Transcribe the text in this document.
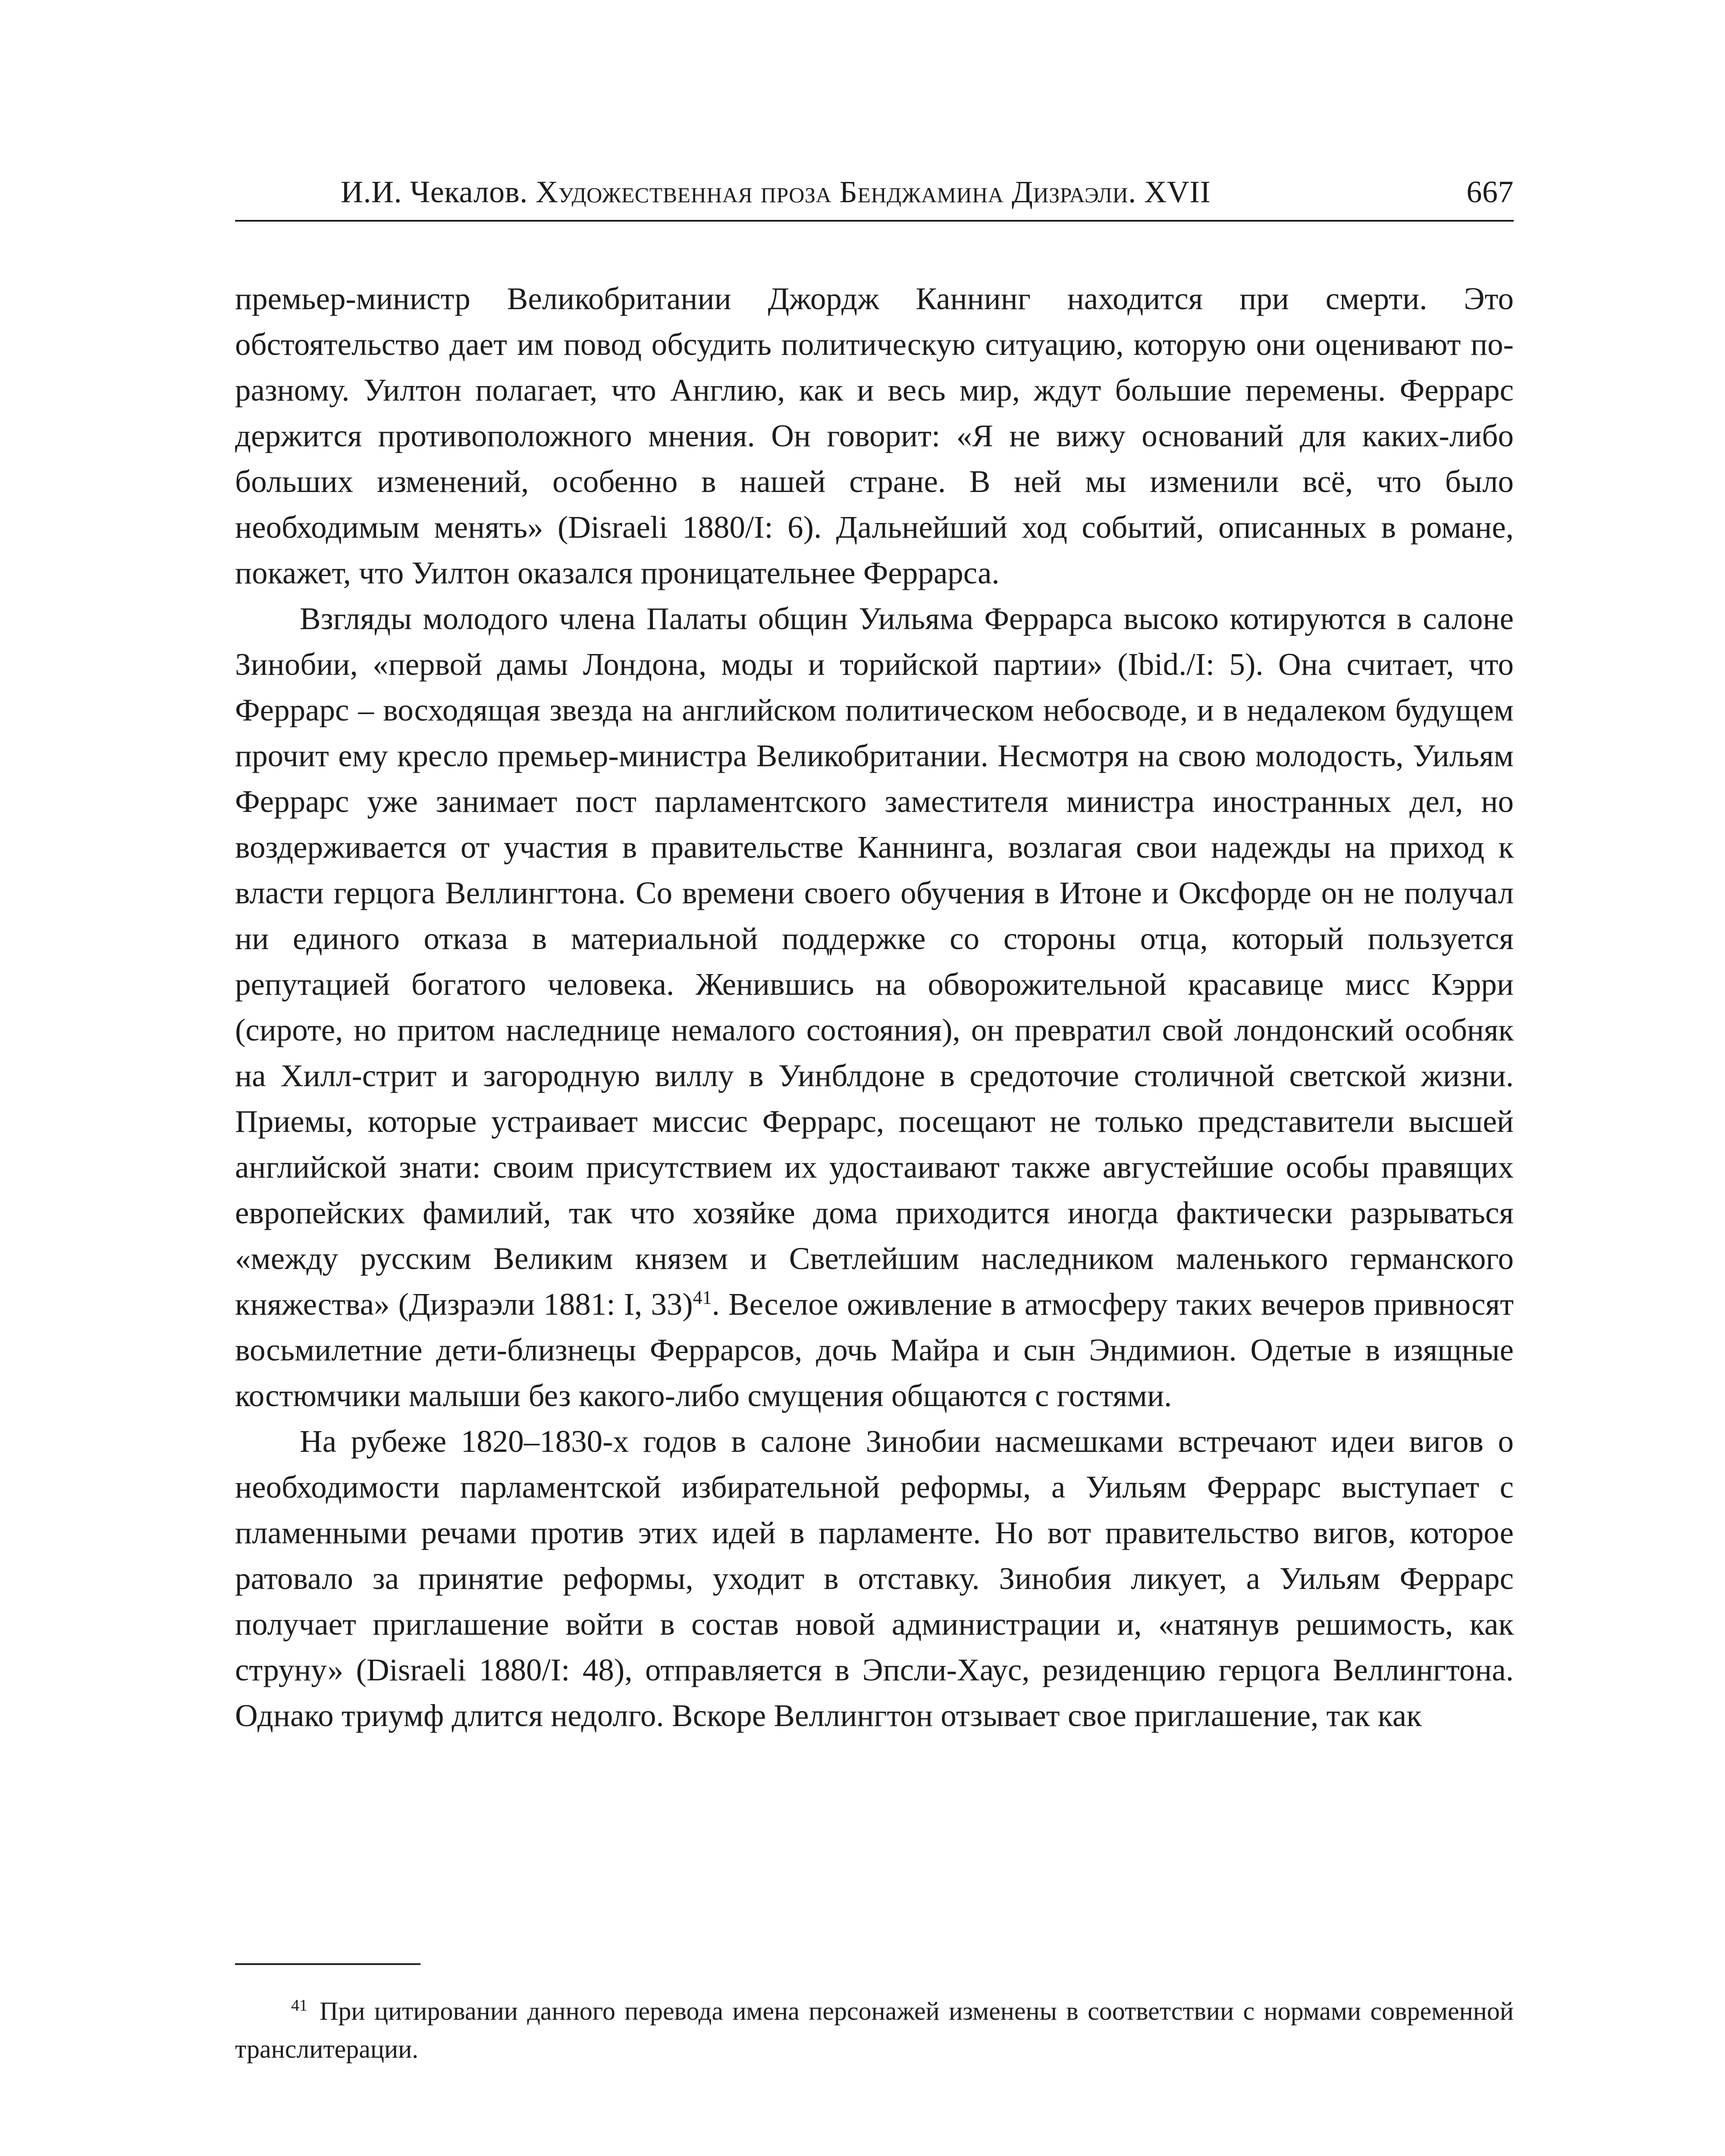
И.И. Чекалов. Художественная проза Бенджамина Дизраэли. XVII	667

премьер-министр Великобритании Джордж Каннинг находится при смерти. Это обстоятельство дает им повод обсудить политическую ситуацию, которую они оценивают по-разному. Уилтон полагает, что Англию, как и весь мир, ждут большие перемены. Феррарс держится противоположного мнения. Он говорит: «Я не вижу оснований для каких-либо больших изменений, особенно в нашей стране. В ней мы изменили всё, что было необходимым менять» (Disraeli 1880/I: 6). Дальнейший ход событий, описанных в романе, покажет, что Уилтон оказался проницательнее Феррарса.

Взгляды молодого члена Палаты общин Уильяма Феррарса высоко котируются в салоне Зинобии, «первой дамы Лондона, моды и торийской партии» (Ibid./I: 5). Она считает, что Феррарс – восходящая звезда на английском политическом небосводе, и в недалеком будущем прочит ему кресло премьер-министра Великобритании. Несмотря на свою молодость, Уильям Феррарс уже занимает пост парламентского заместителя министра иностранных дел, но воздерживается от участия в правительстве Каннинга, возлагая свои надежды на приход к власти герцога Веллингтона. Со времени своего обучения в Итоне и Оксфорде он не получал ни единого отказа в материальной поддержке со стороны отца, который пользуется репутацией богатого человека. Женившись на обворожительной красавице мисс Кэрри (сироте, но притом наследнице немалого состояния), он превратил свой лондонский особняк на Хилл-стрит и загородную виллу в Уинблдоне в средоточие столичной светской жизни. Приемы, которые устраивает миссис Феррарс, посещают не только представители высшей английской знати: своим присутствием их удостаивают также августейшие особы правящих европейских фамилий, так что хозяйке дома приходится иногда фактически разрываться «между русским Великим князем и Светлейшим наследником маленького германского княжества» (Дизраэли 1881: I, 33)$^{41}$. Веселое оживление в атмосферу таких вечеров привносят восьмилетние дети-близнецы Феррарсов, дочь Майра и сын Эндимион. Одетые в изящные костюмчики малыши без какого-либо смущения общаются с гостями.

На рубеже 1820–1830-х годов в салоне Зинобии насмешками встречают идеи вигов о необходимости парламентской избирательной реформы, а Уильям Феррарс выступает с пламенными речами против этих идей в парламенте. Но вот правительство вигов, которое ратовало за принятие реформы, уходит в отставку. Зинобия ликует, а Уильям Феррарс получает приглашение войти в состав новой администрации и, «натянув решимость, как струну» (Disraeli 1880/I: 48), отправляется в Эпсли-Хаус, резиденцию герцога Веллингтона. Однако триумф длится недолго. Вскоре Веллингтон отзывает свое приглашение, так как

$^{41}$ При цитировании данного перевода имена персонажей изменены в соответствии с нормами современной транслитерации.
